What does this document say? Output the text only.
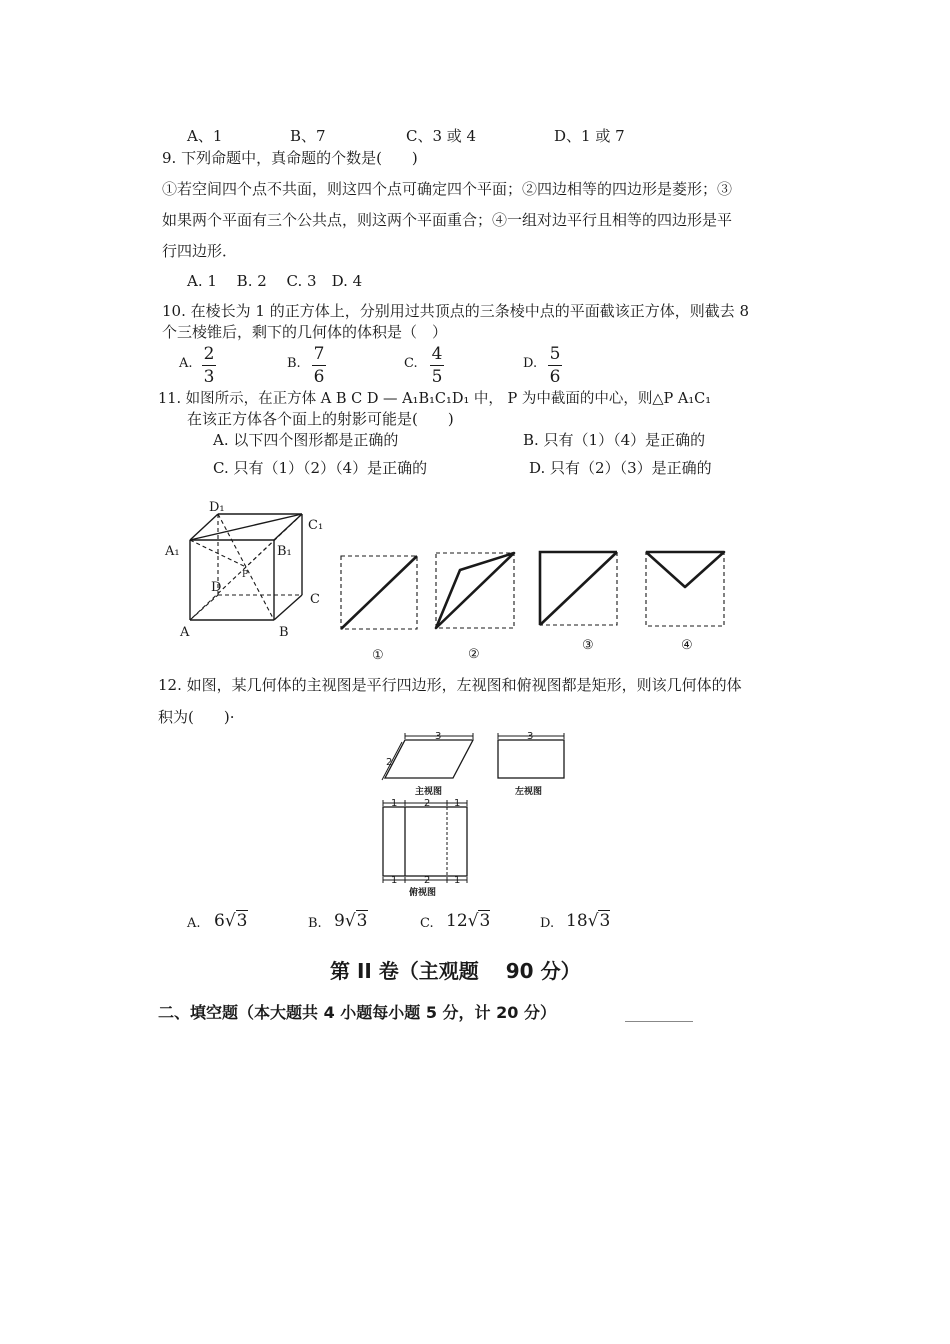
A、1	B、7	C、3 或 4	D、1 或 7
9. 下列命题中，真命题的个数是(　　)
①若空间四个点不共面，则这四个点可确定四个平面；②四边相等的四边形是菱形；③
如果两个平面有三个公共点，则这两个平面重合；④一组对边平行且相等的四边形是平
行四边形．
A. 1　 B. 2　 C. 3　D. 4
10. 在棱长为 1 的正方体上，分别用过共顶点的三条棱中点的平面截该正方体，则截去 8
个三棱锥后，剩下的几何体的体积是（　）
A. 2
3
B. 7
6
C. 4
5
D. 5
6
11. 如图所示，在正方体 A B C D — A₁B₁C₁D₁ 中， P 为中截面的中心，则△P A₁C₁
在该正方体各个面上的射影可能是(　　)
A. 以下四个图形都是正确的	B. 只有（1）（4）是正确的
C. 只有（1）（2）（4）是正确的	D. 只有（2）（3）是正确的
D₁
C₁
A₁	B₁
D
C
A	B
P
①	②
③	④
12. 如图，某几何体的主视图是平行四边形，左视图和俯视图都是矩形，则该几何体的体
积为(　　)·
3	3
2
1	2 1
1	2 1
主视图	左视图
俯视图
A. 6√3	B. 9√3	C. 12√3	D. 18√3
第 II 卷（主观题　 90 分）
二、填空题（本大题共 4 小题每小题 5 分，计 20 分）
